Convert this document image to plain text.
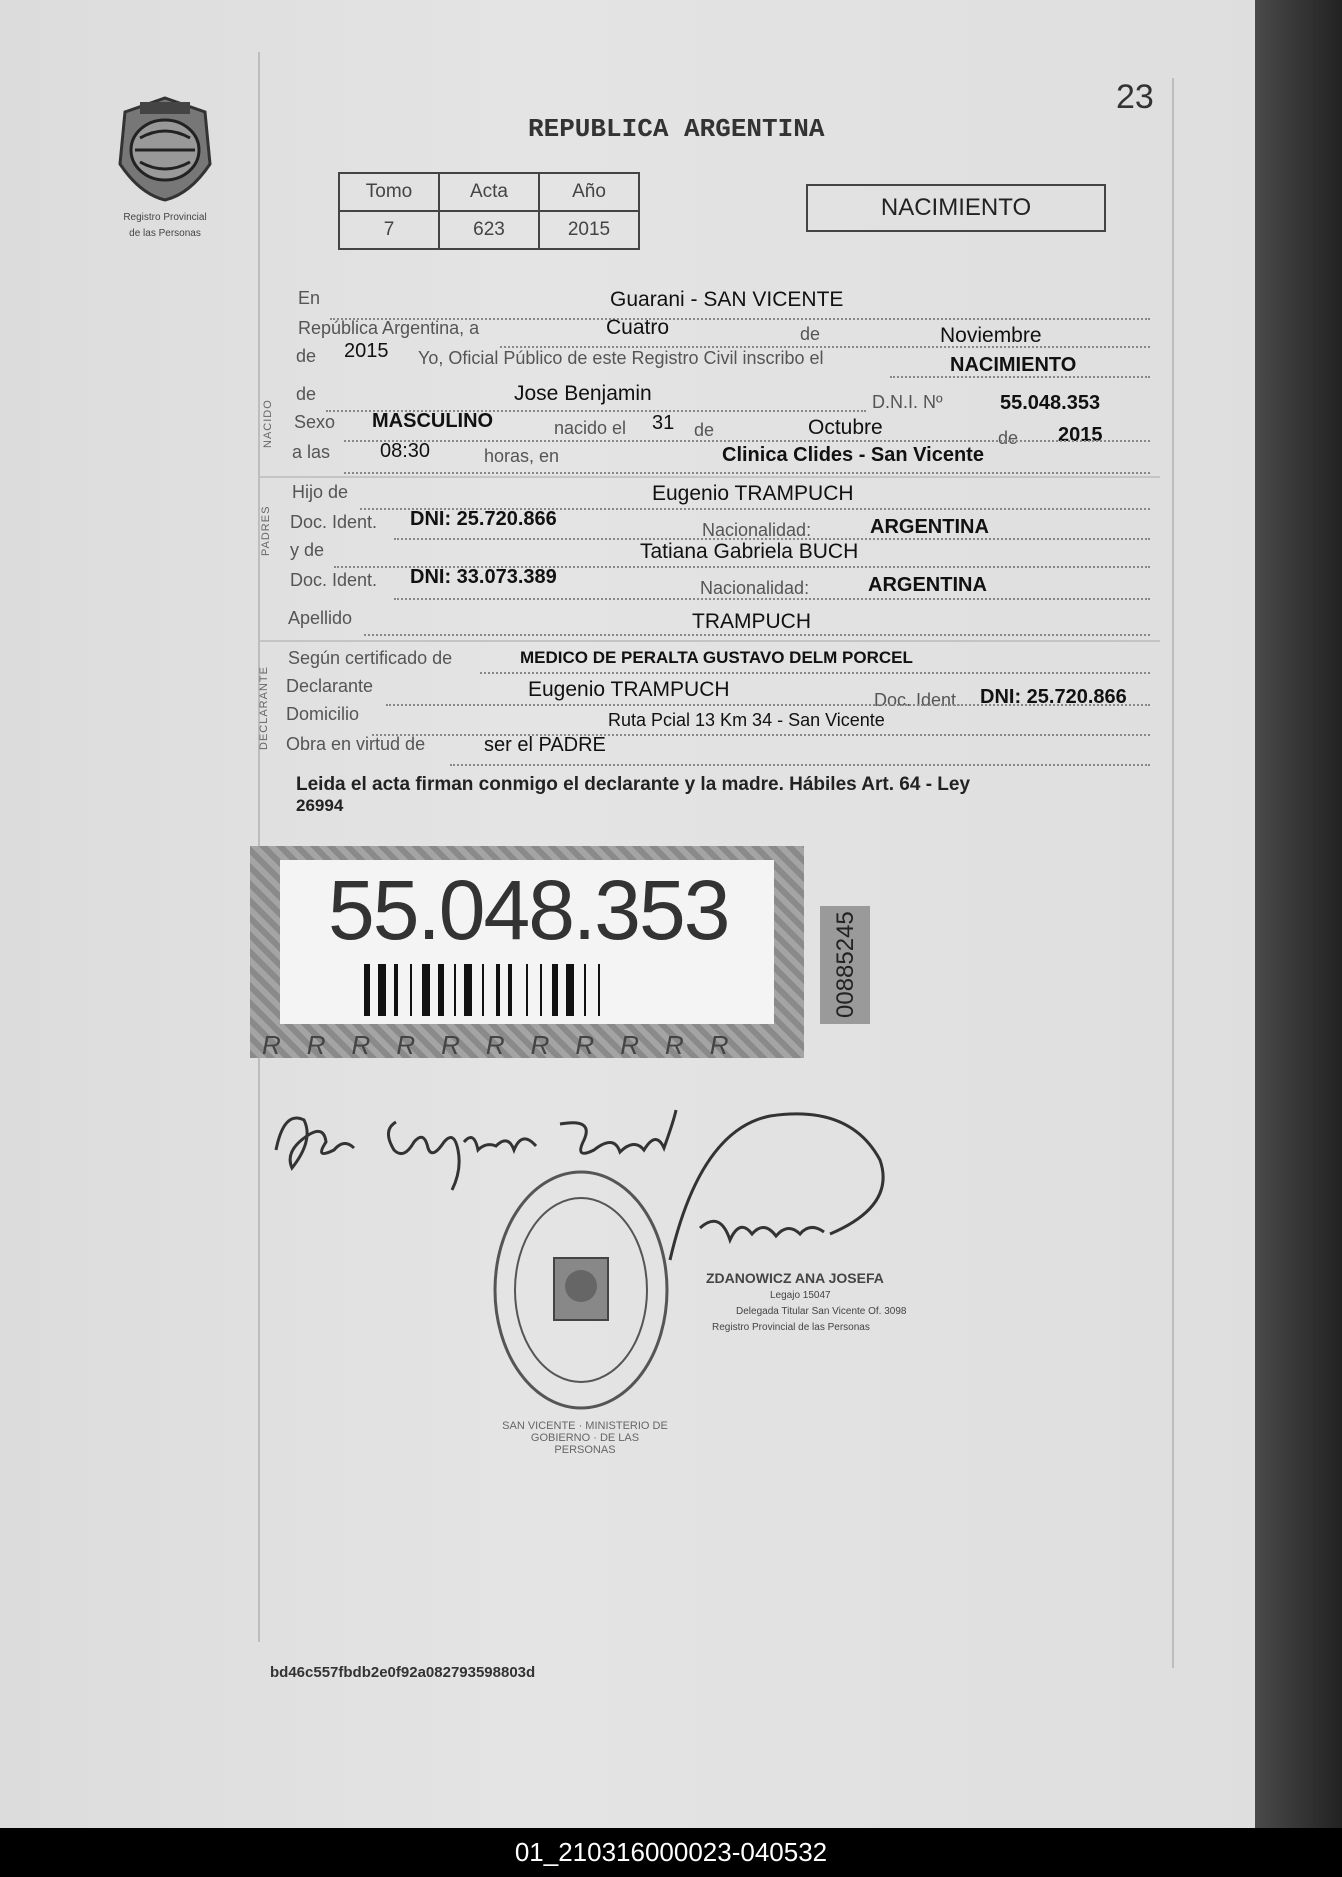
23
Registro Provincial
de las Personas
REPUBLICA ARGENTINA
Tomo	Acta	Año
7	623	2015
NACIMIENTO
En	Guarani - SAN VICENTE
República Argentina, a	Cuatro	de	Noviembre
de 2015 Yo, Oficial Público de este Registro Civil inscribo el	NACIMIENTO
NACIDO
de	Jose Benjamin	D.N.I. Nº	55.048.353
Sexo MASCULINO	nacido el 31 de	Octubre	de 2015
a las 08:30	horas, en	Clinica Clides - San Vicente
PADRES
Hijo de	Eugenio TRAMPUCH
Doc. Ident. DNI: 25.720.866	Nacionalidad:	ARGENTINA
y de	Tatiana Gabriela BUCH
Doc. Ident. DNI: 33.073.389	Nacionalidad:	ARGENTINA
Apellido	TRAMPUCH
DECLARANTE
Según certificado de	MEDICO DE PERALTA GUSTAVO DELM PORCEL
Declarante	Eugenio TRAMPUCH	Doc. Ident. DNI: 25.720.866
Domicilio	Ruta Pcial 13 Km 34 - San Vicente
Obra en virtud de	ser el PADRE
Leida el acta firman conmigo el declarante y la madre. Hábiles Art. 64 - Ley
26994
RRRRRRRRRRR
55.048.353
00885245
SAN VICENTE · MINISTERIO DE GOBIERNO · DE LAS PERSONAS
ZDANOWICZ ANA JOSEFA
Legajo 15047
Delegada Titular San Vicente Of. 3098
Registro Provincial de las Personas
bd46c557fbdb2e0f92a082793598803d
01_210316000023-040532
